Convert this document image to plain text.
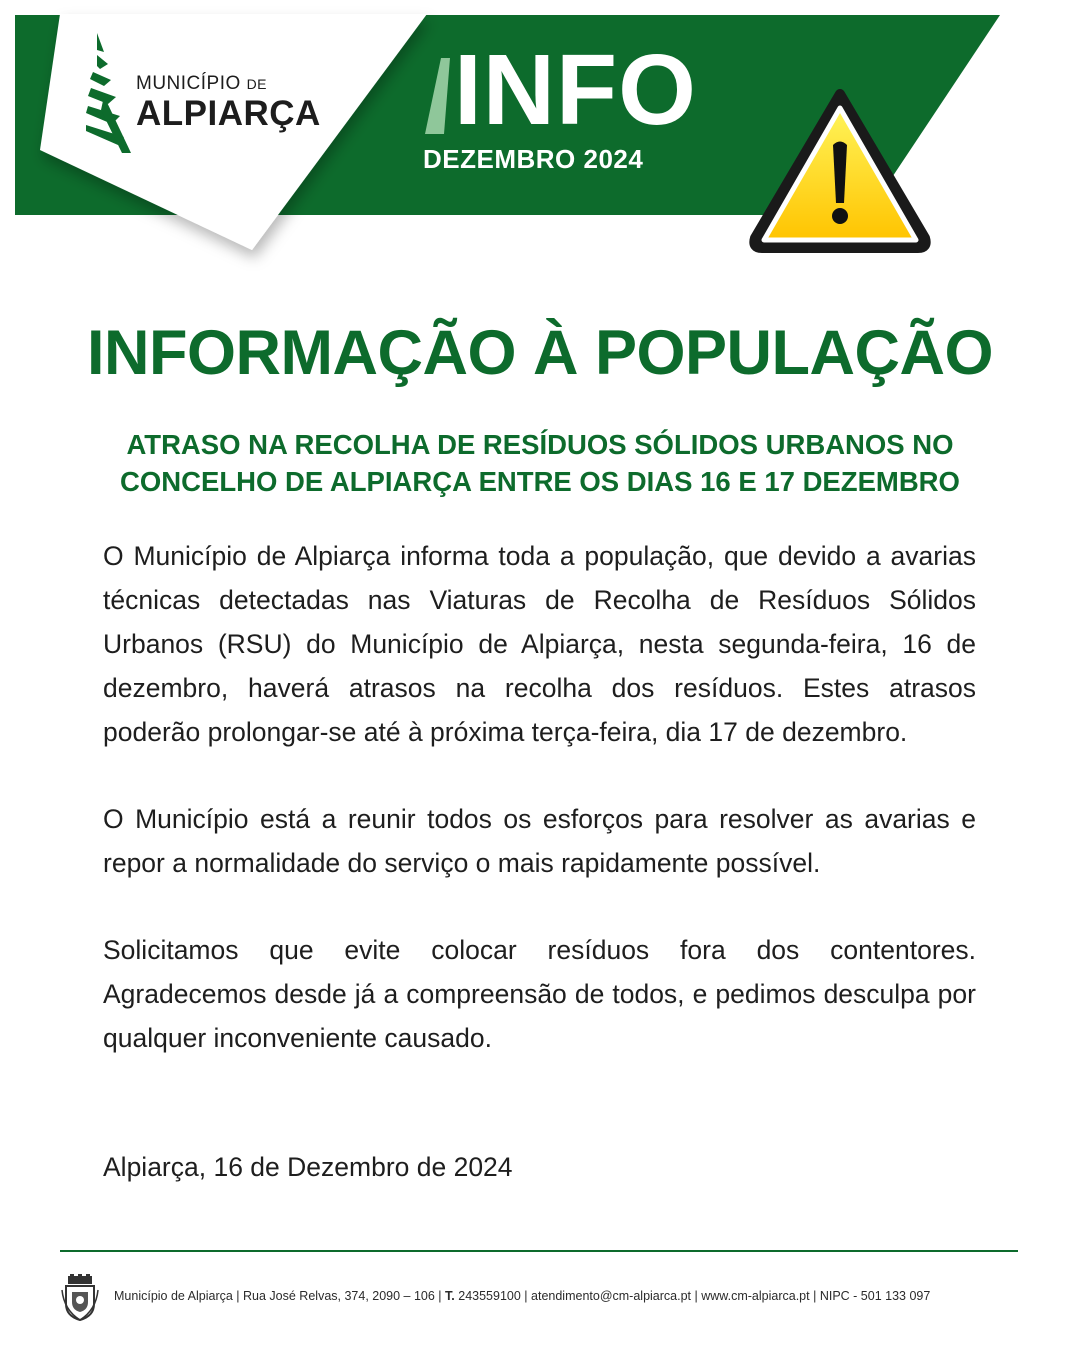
MUNICÍPIO DE
ALPIARÇA INFO
DEZEMBRO 2024
INFORMAÇÃO À POPULAÇÃO
ATRASO NA RECOLHA DE RESÍDUOS SÓLIDOS URBANOS NO
CONCELHO DE ALPIARÇA ENTRE OS DIAS 16 E 17 DEZEMBRO

O Município de Alpiarça informa toda a população, que devido a avarias técnicas detectadas nas Viaturas de Recolha de Resíduos Sólidos Urbanos (RSU) do Município de Alpiarça, nesta segunda-feira, 16 de dezembro, haverá atrasos na recolha dos resíduos. Estes atrasos poderão prolongar-se até à próxima terça-feira, dia 17 de dezembro.

O Município está a reunir todos os esforços para resolver as avarias e repor a normalidade do serviço o mais rapidamente possível.

Solicitamos que evite colocar resíduos fora dos contentores. Agradecemos desde já a compreensão de todos, e pedimos desculpa por qualquer inconveniente causado.

Alpiarça, 16 de Dezembro de 2024
Município de Alpiarça | Rua José Relvas, 374, 2090 – 106 | T. 243559100 | atendimento@cm-alpiarca.pt | www.cm-alpiarca.pt | NIPC - 501 133 097
